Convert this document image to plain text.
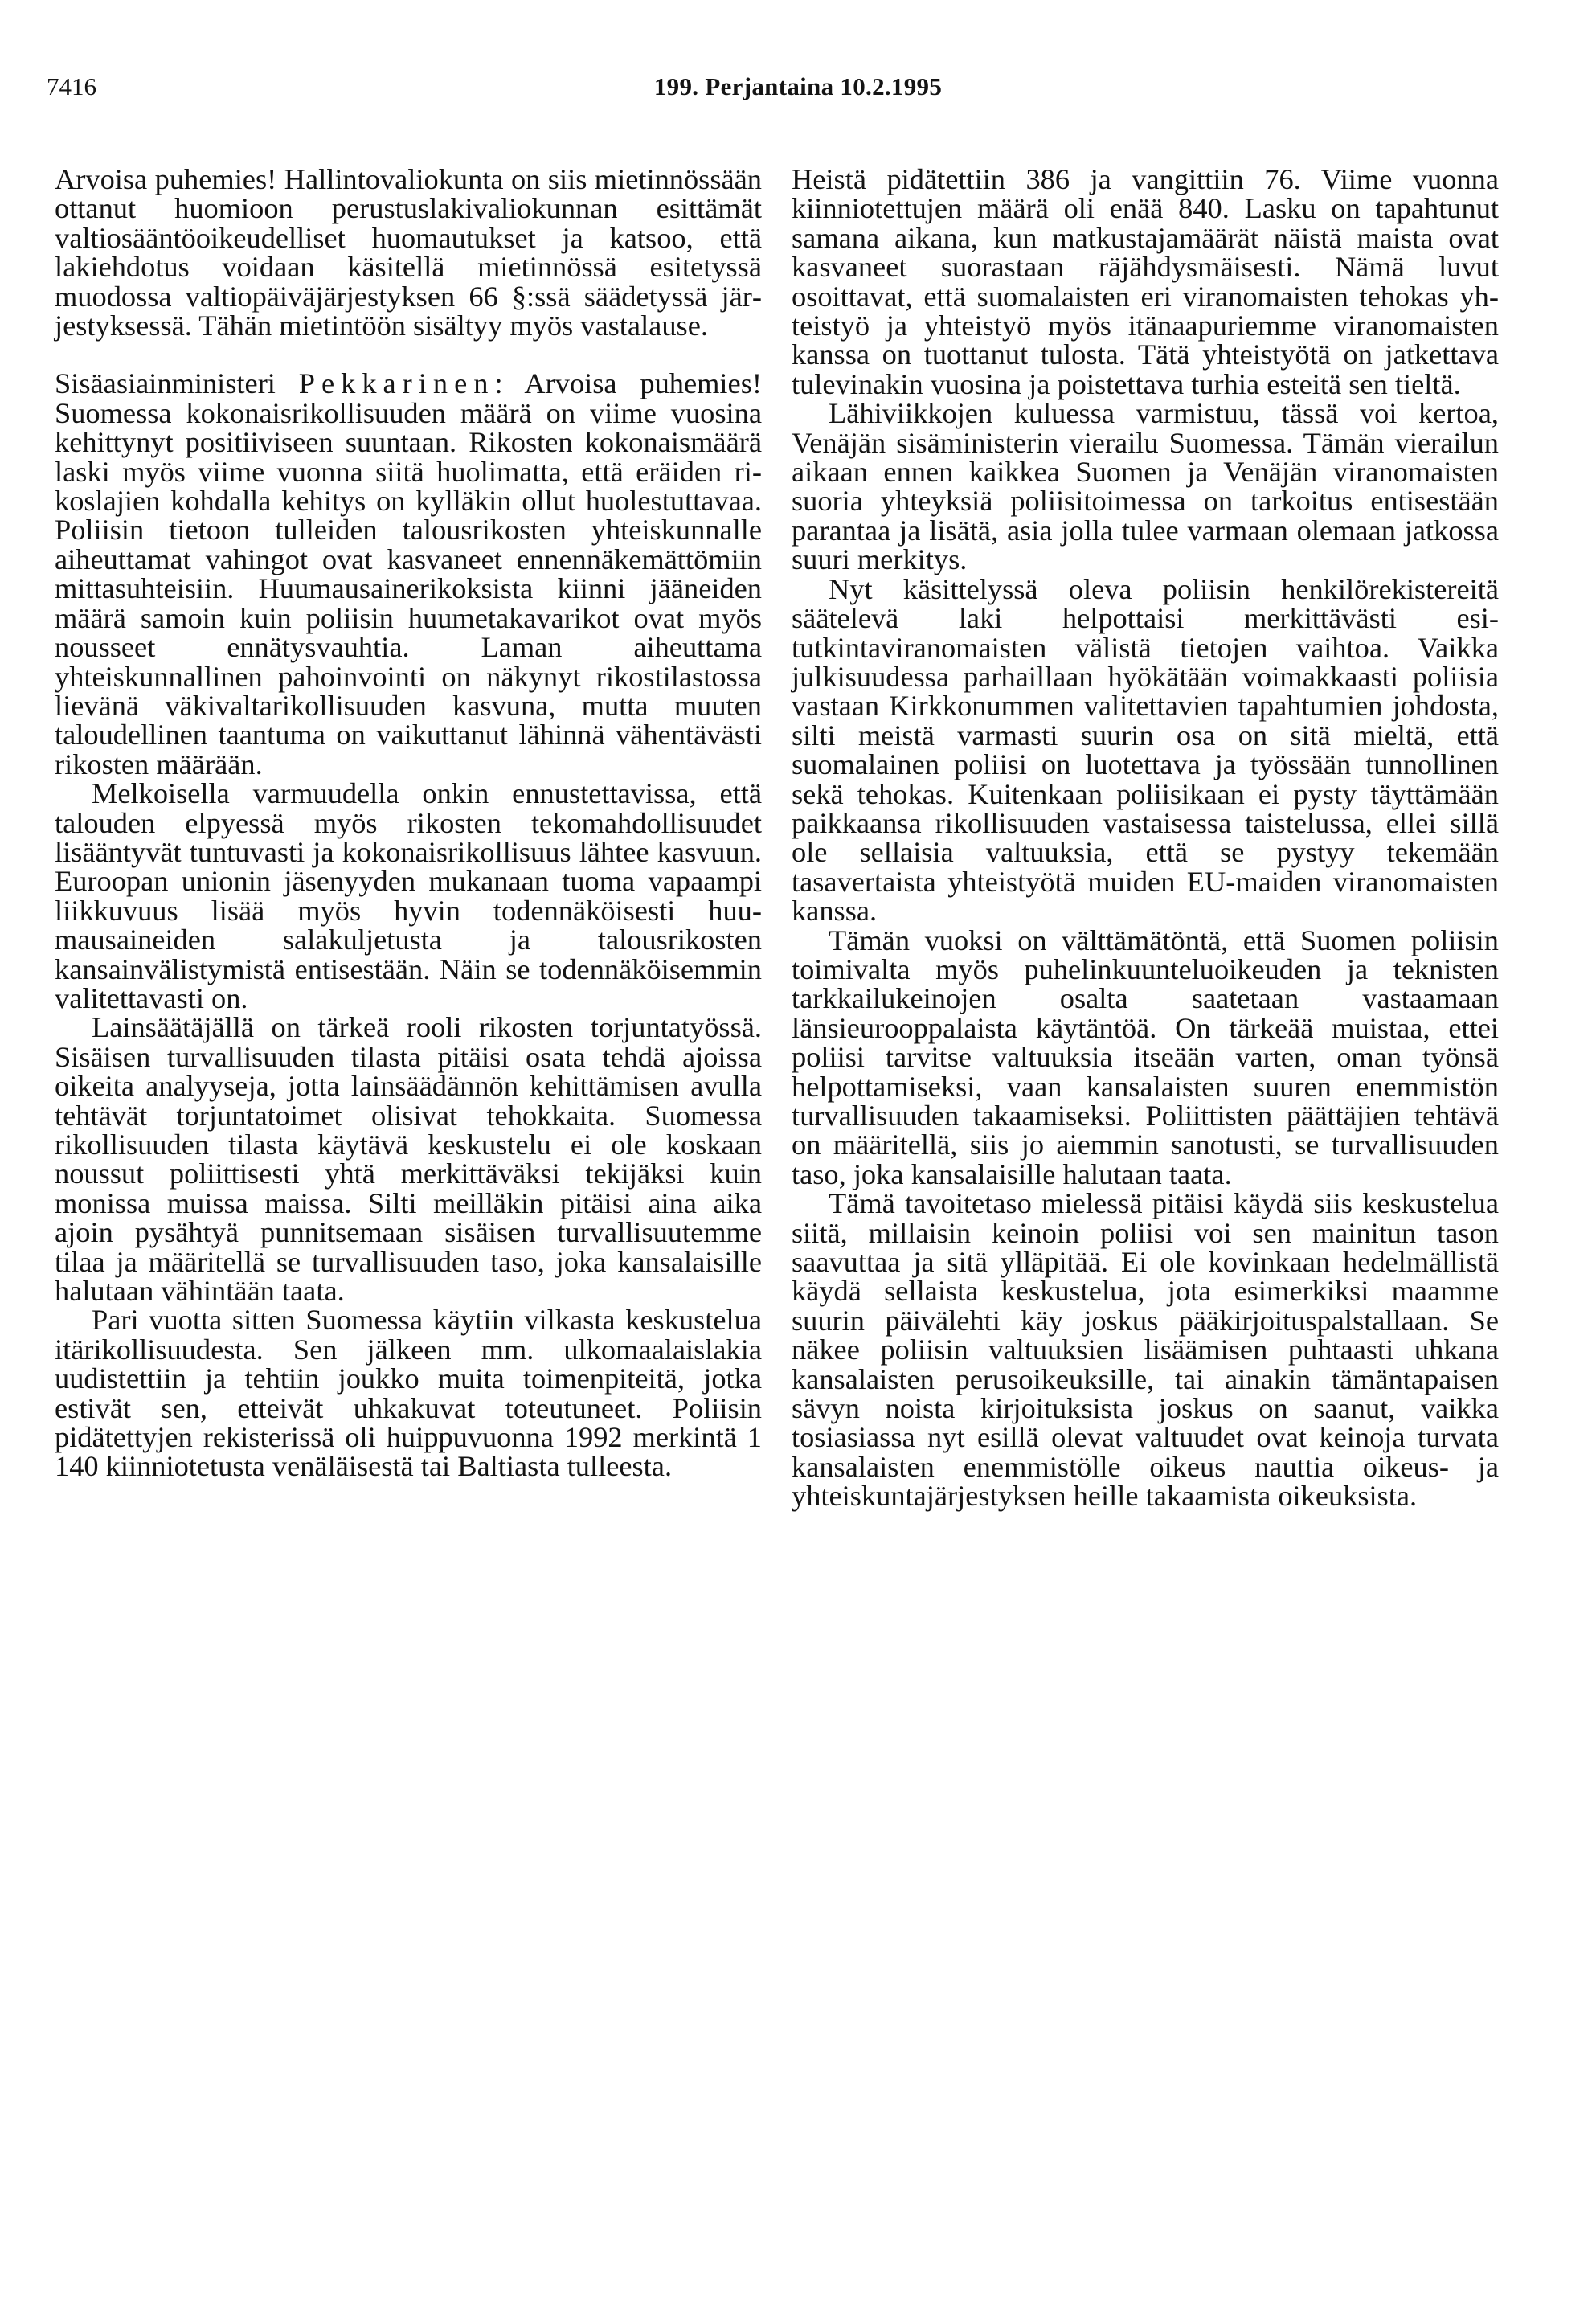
7416	199. Perjantaina 10.2.1995

Arvoisa puhemies! Hallintovaliokunta on siis mietinnössään ottanut huomioon perustuslakivaliokunnan esittämät valtiosääntöoikeudelliset huomautukset ja katsoo, että lakiehdotus voidaan käsitellä mietinnössä esitetyssä muodossa valtiopäiväjärjestyksen 66 §:ssä säädetyssä järjestyksessä. Tähän mietintöön sisältyy myös vastalause.

Sisäasiainministeri Pekkarinen: Arvoisa puhemies! Suomessa kokonaisrikollisuuden määrä on viime vuosina kehittynyt positiiviseen suuntaan. Rikosten kokonaismäärä laski myös viime vuonna siitä huolimatta, että eräiden rikoslajien kohdalla kehitys on kylläkin ollut huolestuttavaa. Poliisin tietoon tulleiden talousrikosten yhteiskunnalle aiheuttamat vahingot ovat kasvaneet ennennäkemättömiin mittasuhteisiin. Huumausainerikoksista kiinni jääneiden määrä samoin kuin poliisin huumetakavarikot ovat myös nousseet ennätysvauhtia. Laman aiheuttama yhteiskunnallinen pahoinvointi on näkynyt rikostilastossa lievänä väkivaltarikollisuuden kasvuna, mutta muuten taloudellinen taantuma on vaikuttanut lähinnä vähentävästi rikosten määrään.

Melkoisella varmuudella onkin ennustettavissa, että talouden elpyessä myös rikosten tekomahdollisuudet lisääntyvät tuntuvasti ja kokonaisrikollisuus lähtee kasvuun. Euroopan unionin jäsenyyden mukanaan tuoma vapaampi liikkuvuus lisää myös hyvin todennäköisesti huumausaineiden salakuljetusta ja talousrikosten kansainvälistymistä entisestään. Näin se todennäköisemmin valitettavasti on.

Lainsäätäjällä on tärkeä rooli rikosten torjuntatyössä. Sisäisen turvallisuuden tilasta pitäisi osata tehdä ajoissa oikeita analyyseja, jotta lainsäädännön kehittämisen avulla tehtävät torjuntatoimet olisivat tehokkaita. Suomessa rikollisuuden tilasta käytävä keskustelu ei ole koskaan noussut poliittisesti yhtä merkittäväksi tekijäksi kuin monissa muissa maissa. Silti meilläkin pitäisi aina aika ajoin pysähtyä punnitsemaan sisäisen turvallisuutemme tilaa ja määritellä se turvallisuuden taso, joka kansalaisille halutaan vähintään taata.

Pari vuotta sitten Suomessa käytiin vilkasta keskustelua itärikollisuudesta. Sen jälkeen mm. ulkomaalaislakia uudistettiin ja tehtiin joukko muita toimenpiteitä, jotka estivät sen, etteivät uhkakuvat toteutuneet. Poliisin pidätettyjen rekisterissä oli huippuvuonna 1992 merkintä 1 140 kiinniotetusta venäläisestä tai Baltiasta tulleesta.

Heistä pidätettiin 386 ja vangittiin 76. Viime vuonna kiinniotettujen määrä oli enää 840. Lasku on tapahtunut samana aikana, kun matkustajamäärät näistä maista ovat kasvaneet suorastaan räjähdysmäisesti. Nämä luvut osoittavat, että suomalaisten eri viranomaisten tehokas yhteistyö ja yhteistyö myös itänaapuriemme viranomaisten kanssa on tuottanut tulosta. Tätä yhteistyötä on jatkettava tulevinakin vuosina ja poistettava turhia esteitä sen tieltä.

Lähiviikkojen kuluessa varmistuu, tässä voi kertoa, Venäjän sisäministerin vierailu Suomessa. Tämän vierailun aikaan ennen kaikkea Suomen ja Venäjän viranomaisten suoria yhteyksiä poliisitoimessa on tarkoitus entisestään parantaa ja lisätä, asia jolla tulee varmaan olemaan jatkossa suuri merkitys.

Nyt käsittelyssä oleva poliisin henkilörekistereitä säätelevä laki helpottaisi merkittävästi esitutkintaviranomaisten välistä tietojen vaihtoa. Vaikka julkisuudessa parhaillaan hyökätään voimakkaasti poliisia vastaan Kirkkonummen valitettavien tapahtumien johdosta, silti meistä varmasti suurin osa on sitä mieltä, että suomalainen poliisi on luotettava ja työssään tunnollinen sekä tehokas. Kuitenkaan poliisikaan ei pysty täyttämään paikkaansa rikollisuuden vastaisessa taistelussa, ellei sillä ole sellaisia valtuuksia, että se pystyy tekemään tasavertaista yhteistyötä muiden EU-maiden viranomaisten kanssa.

Tämän vuoksi on välttämätöntä, että Suomen poliisin toimivalta myös puhelinkuunteluoikeuden ja teknisten tarkkailukeinojen osalta saatetaan vastaamaan länsieurooppalaista käytäntöä. On tärkeää muistaa, ettei poliisi tarvitse valtuuksia itseään varten, oman työnsä helpottamiseksi, vaan kansalaisten suuren enemmistön turvallisuuden takaamiseksi. Poliittisten päättäjien tehtävä on määritellä, siis jo aiemmin sanotusti, se turvallisuuden taso, joka kansalaisille halutaan taata.

Tämä tavoitetaso mielessä pitäisi käydä siis keskustelua siitä, millaisin keinoin poliisi voi sen mainitun tason saavuttaa ja sitä ylläpitää. Ei ole kovinkaan hedelmällistä käydä sellaista keskustelua, jota esimerkiksi maamme suurin päivälehti käy joskus pääkirjoituspalstallaan. Se näkee poliisin valtuuksien lisäämisen puhtaasti uhkana kansalaisten perusoikeuksille, tai ainakin tämäntapaisen sävyn noista kirjoituksista joskus on saanut, vaikka tosiasiassa nyt esillä olevat valtuudet ovat keinoja turvata kansalaisten enemmistölle oikeus nauttia oikeus- ja yhteiskuntajärjestyksen heille takaamista oikeuksista.
